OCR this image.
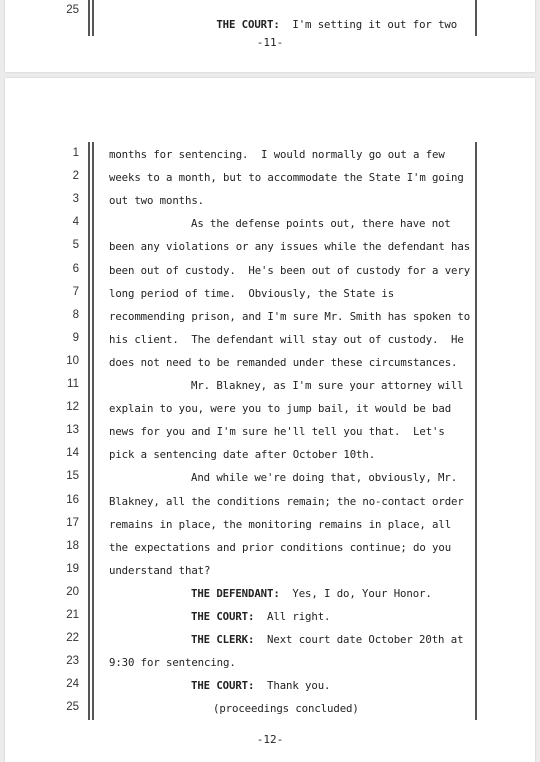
25

THE COURT: I'm setting it out for two

-11-
1	months for sentencing.  I would normally go out a few
2	weeks to a month, but to accommodate the State I'm going
3	out two months.
4	As the defense points out, there have not
5	been any violations or any issues while the defendant has
6	been out of custody.  He's been out of custody for a very
7	long period of time.  Obviously, the State is
8	recommending prison, and I'm sure Mr. Smith has spoken to
9	his client.  The defendant will stay out of custody.  He
10	does not need to be remanded under these circumstances.
11	Mr. Blakney, as I'm sure your attorney will
12	explain to you, were you to jump bail, it would be bad
13	news for you and I'm sure he'll tell you that.  Let's
14	pick a sentencing date after October 10th.
15	And while we're doing that, obviously, Mr.
16	Blakney, all the conditions remain; the no-contact order
17	remains in place, the monitoring remains in place, all
18	the expectations and prior conditions continue; do you
19	understand that?
20	THE DEFENDANT: Yes, I do, Your Honor.
21	THE COURT: All right.
22	THE CLERK: Next court date October 20th at
23	9:30 for sentencing.
24	THE COURT: Thank you.
25	(proceedings concluded)
-12-
